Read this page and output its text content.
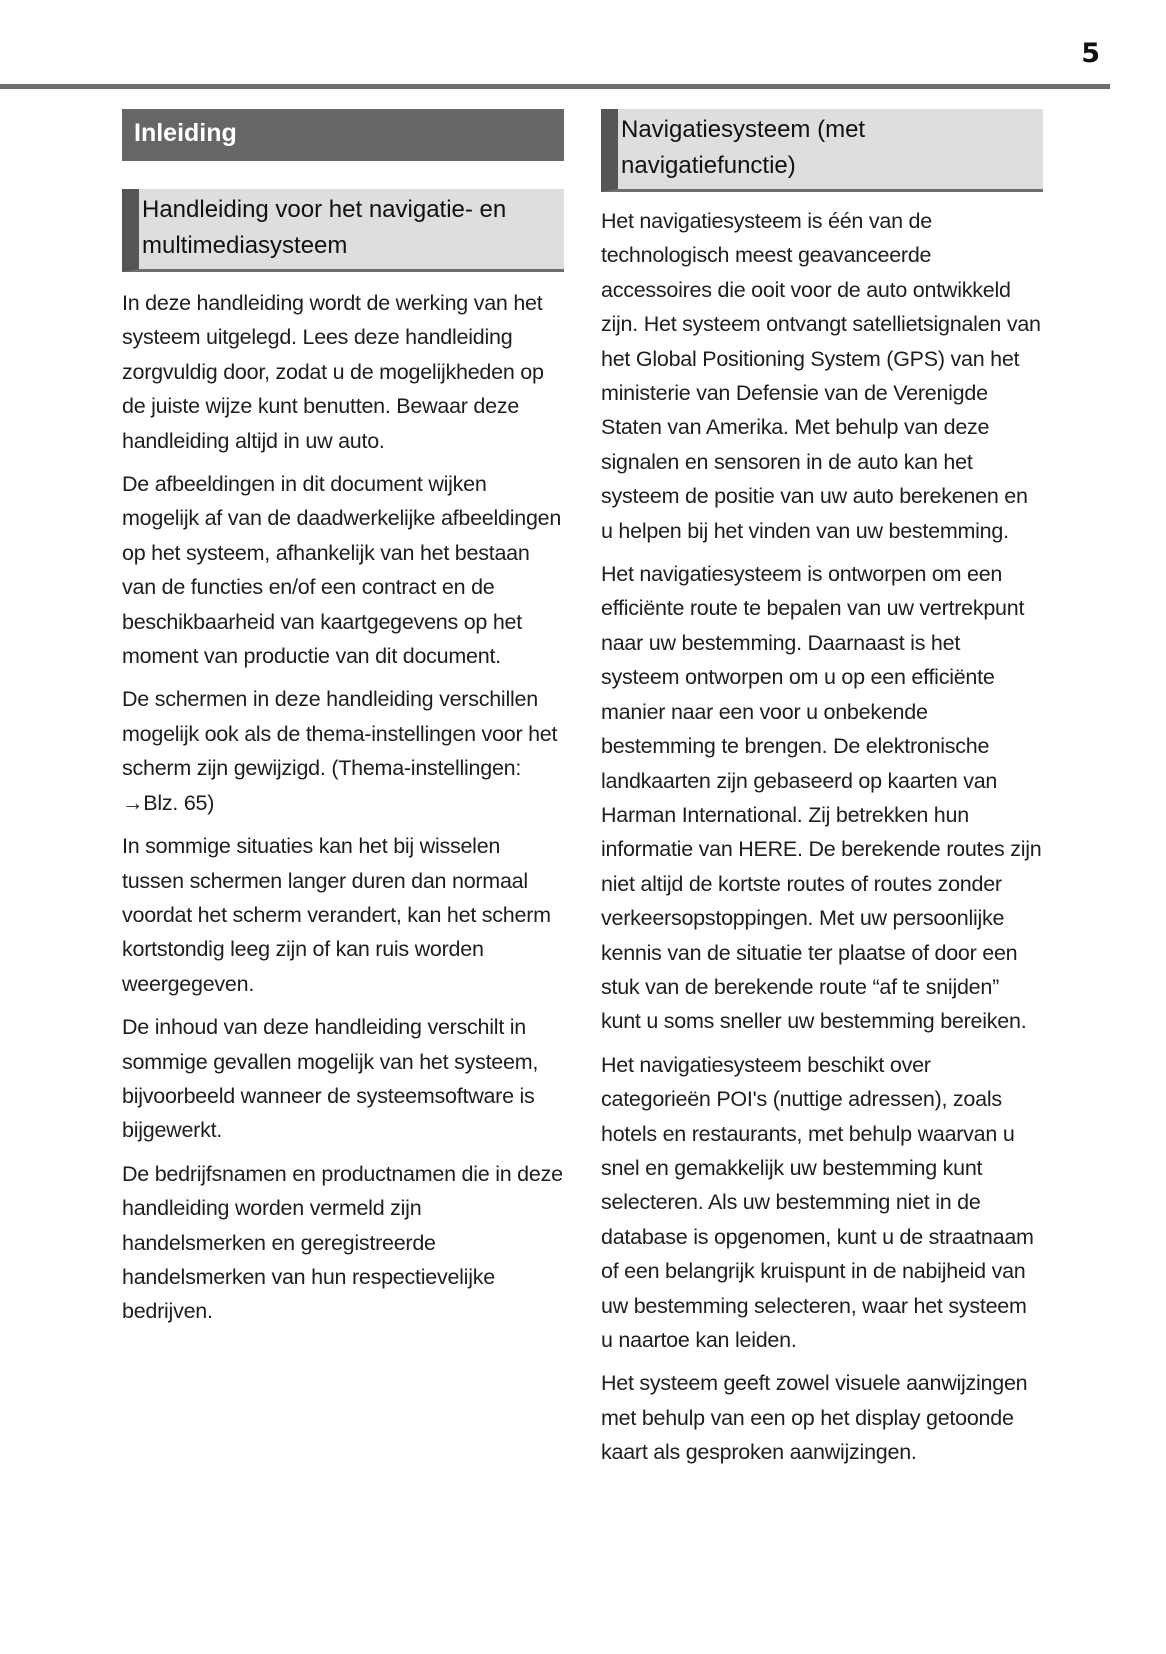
5
Inleiding
Handleiding voor het navigatie- en multimediasysteem

In deze handleiding wordt de werking van het systeem uitgelegd. Lees deze handleiding zorgvuldig door, zodat u de mogelijkheden op de juiste wijze kunt benutten. Bewaar deze handleiding altijd in uw auto.

De afbeeldingen in dit document wijken mogelijk af van de daadwerkelijke afbeeldingen op het systeem, afhankelijk van het bestaan van de functies en/of een contract en de beschikbaarheid van kaartgegevens op het moment van productie van dit document.

De schermen in deze handleiding verschillen mogelijk ook als de thema-instellingen voor het scherm zijn gewijzigd. (Thema-instellingen: →Blz. 65)

In sommige situaties kan het bij wisselen tussen schermen langer duren dan normaal voordat het scherm verandert, kan het scherm kortstondig leeg zijn of kan ruis worden weergegeven.

De inhoud van deze handleiding verschilt in sommige gevallen mogelijk van het systeem, bijvoorbeeld wanneer de systeemsoftware is bijgewerkt.

De bedrijfsnamen en productnamen die in deze handleiding worden vermeld zijn handelsmerken en geregistreerde handelsmerken van hun respectievelijke bedrijven.

Navigatiesysteem (met navigatiefunctie)

Het navigatiesysteem is één van de technologisch meest geavanceerde accessoires die ooit voor de auto ontwikkeld zijn. Het systeem ontvangt satellietsignalen van het Global Positioning System (GPS) van het ministerie van Defensie van de Verenigde Staten van Amerika. Met behulp van deze signalen en sensoren in de auto kan het systeem de positie van uw auto berekenen en u helpen bij het vinden van uw bestemming.

Het navigatiesysteem is ontworpen om een efficiënte route te bepalen van uw vertrekpunt naar uw bestemming. Daarnaast is het systeem ontworpen om u op een efficiënte manier naar een voor u onbekende bestemming te brengen. De elektronische landkaarten zijn gebaseerd op kaarten van Harman International. Zij betrekken hun informatie van HERE. De berekende routes zijn niet altijd de kortste routes of routes zonder verkeersopstoppingen. Met uw persoonlijke kennis van de situatie ter plaatse of door een stuk van de berekende route “af te snijden” kunt u soms sneller uw bestemming bereiken.

Het navigatiesysteem beschikt over categorieën POI's (nuttige adressen), zoals hotels en restaurants, met behulp waarvan u snel en gemakkelijk uw bestemming kunt selecteren. Als uw bestemming niet in de database is opgenomen, kunt u de straatnaam of een belangrijk kruispunt in de nabijheid van uw bestemming selecteren, waar het systeem u naartoe kan leiden.

Het systeem geeft zowel visuele aanwijzingen met behulp van een op het display getoonde kaart als gesproken aanwijzingen.
